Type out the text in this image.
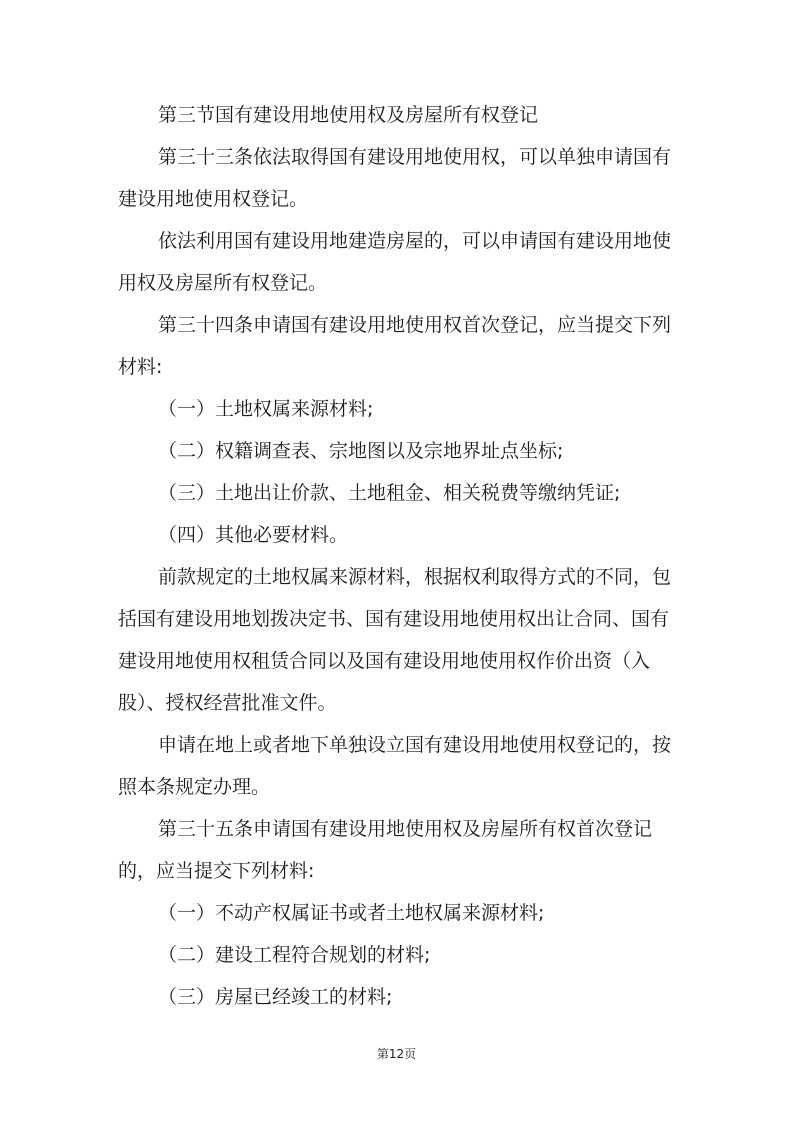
第三节国有建设用地使用权及房屋所有权登记
第三十三条依法取得国有建设用地使用权，可以单独申请国有
建设用地使用权登记。
依法利用国有建设用地建造房屋的，可以申请国有建设用地使
用权及房屋所有权登记。
第三十四条申请国有建设用地使用权首次登记，应当提交下列
材料:
（一）土地权属来源材料;
（二）权籍调查表、宗地图以及宗地界址点坐标;
（三）土地出让价款、土地租金、相关税费等缴纳凭证;
（四）其他必要材料。
前款规定的土地权属来源材料，根据权利取得方式的不同，包
括国有建设用地划拨决定书、国有建设用地使用权出让合同、国有
建设用地使用权租赁合同以及国有建设用地使用权作价出资（入
股）、授权经营批准文件。
申请在地上或者地下单独设立国有建设用地使用权登记的，按
照本条规定办理。
第三十五条申请国有建设用地使用权及房屋所有权首次登记
的，应当提交下列材料:
（一）不动产权属证书或者土地权属来源材料;
（二）建设工程符合规划的材料;
（三）房屋已经竣工的材料;
第12页
